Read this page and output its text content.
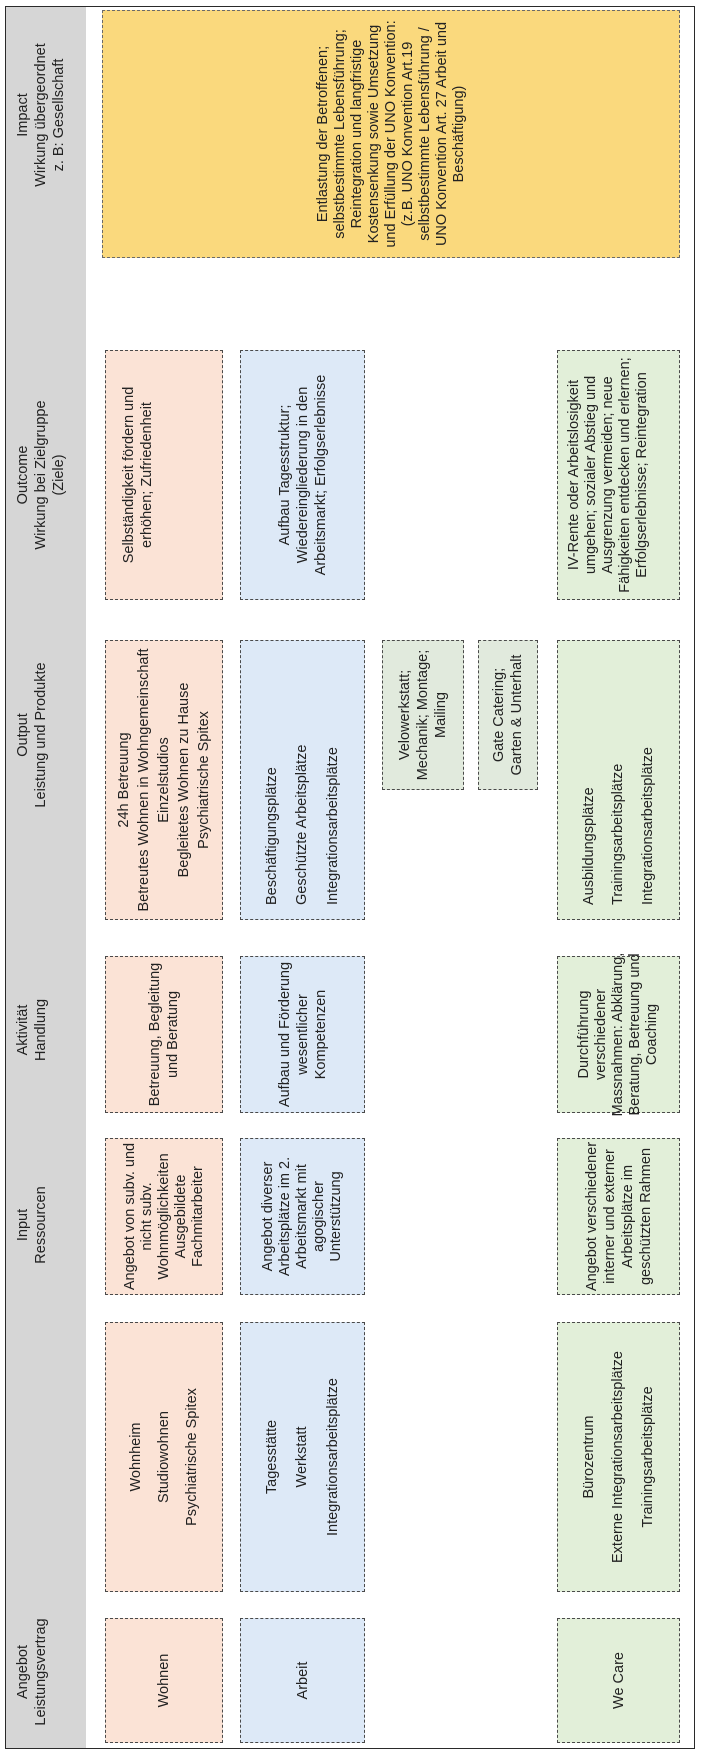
Angebot Leistungsvertrag
Input Ressourcen
Aktivität Handlung
Output Leistung und Produkte
Outcome Wirkung bei Zielgruppe (Ziele)
Impact Wirkung übergeordnet z. B: Gesellschaft
Wohnen
Wohnheim Studiowohnen Psychiatrische Spitex
Angebot von subv. und nicht subv. Wohnmöglichkeiten Ausgebildete Fachmitarbeiter
Betreuung, Begleitung und Beratung
24h Betreuung Betreutes Wohnen in Wohngemeinschaft Einzelstudios Begleitetes Wohnen zu Hause Psychiatrische Spitex
Selbständigkeit fördern und erhöhen; Zufriedenheit
Arbeit
Tagesstätte Werkstatt Integrationsarbeitsplätze
Angebot diverser Arbeitsplätze im 2. Arbeitsmarkt mit agogischer Unterstützung
Aufbau und Förderung wesentlicher Kompetenzen
Beschäftigungsplätze Geschützte Arbeitsplätze Integrationsarbeitsplätze
Aufbau Tagesstruktur; Wiedereingliederung in den Arbeitsmarkt; Erfolgserlebnisse
Velowerkstatt; Mechanik; Montage; Mailing	Gate Catering; Garten & Unterhalt
We Care
Bürozentrum Externe Integrationsarbeitsplätze Trainingsarbeitsplätze
Angebot verschiedener interner und externer Arbeitsplätze im geschützten Rahmen
Durchführung verschiedener Massnahmen: Abklärung, Beratung, Betreuung und Coaching
Ausbildungsplätze Trainingsarbeitsplätze Integrationsarbeitsplätze
IV-Rente oder Arbeitslosigkeit umgehen; sozialer Abstieg und Ausgrenzung vermeiden; neue Fähigkeiten entdecken und erlernen; Erfolgserlebnisse; Reintegration
Entlastung der Betroffenen; selbstbestimmte Lebensführung; Reintegration und langfristige Kostensenkung sowie Umsetzung und Erfüllung der UNO Konvention: (z.B. UNO Konvention Art.19 selbstbestimmte Lebensführung / UNO Konvention Art. 27 Arbeit und Beschäftigung)
